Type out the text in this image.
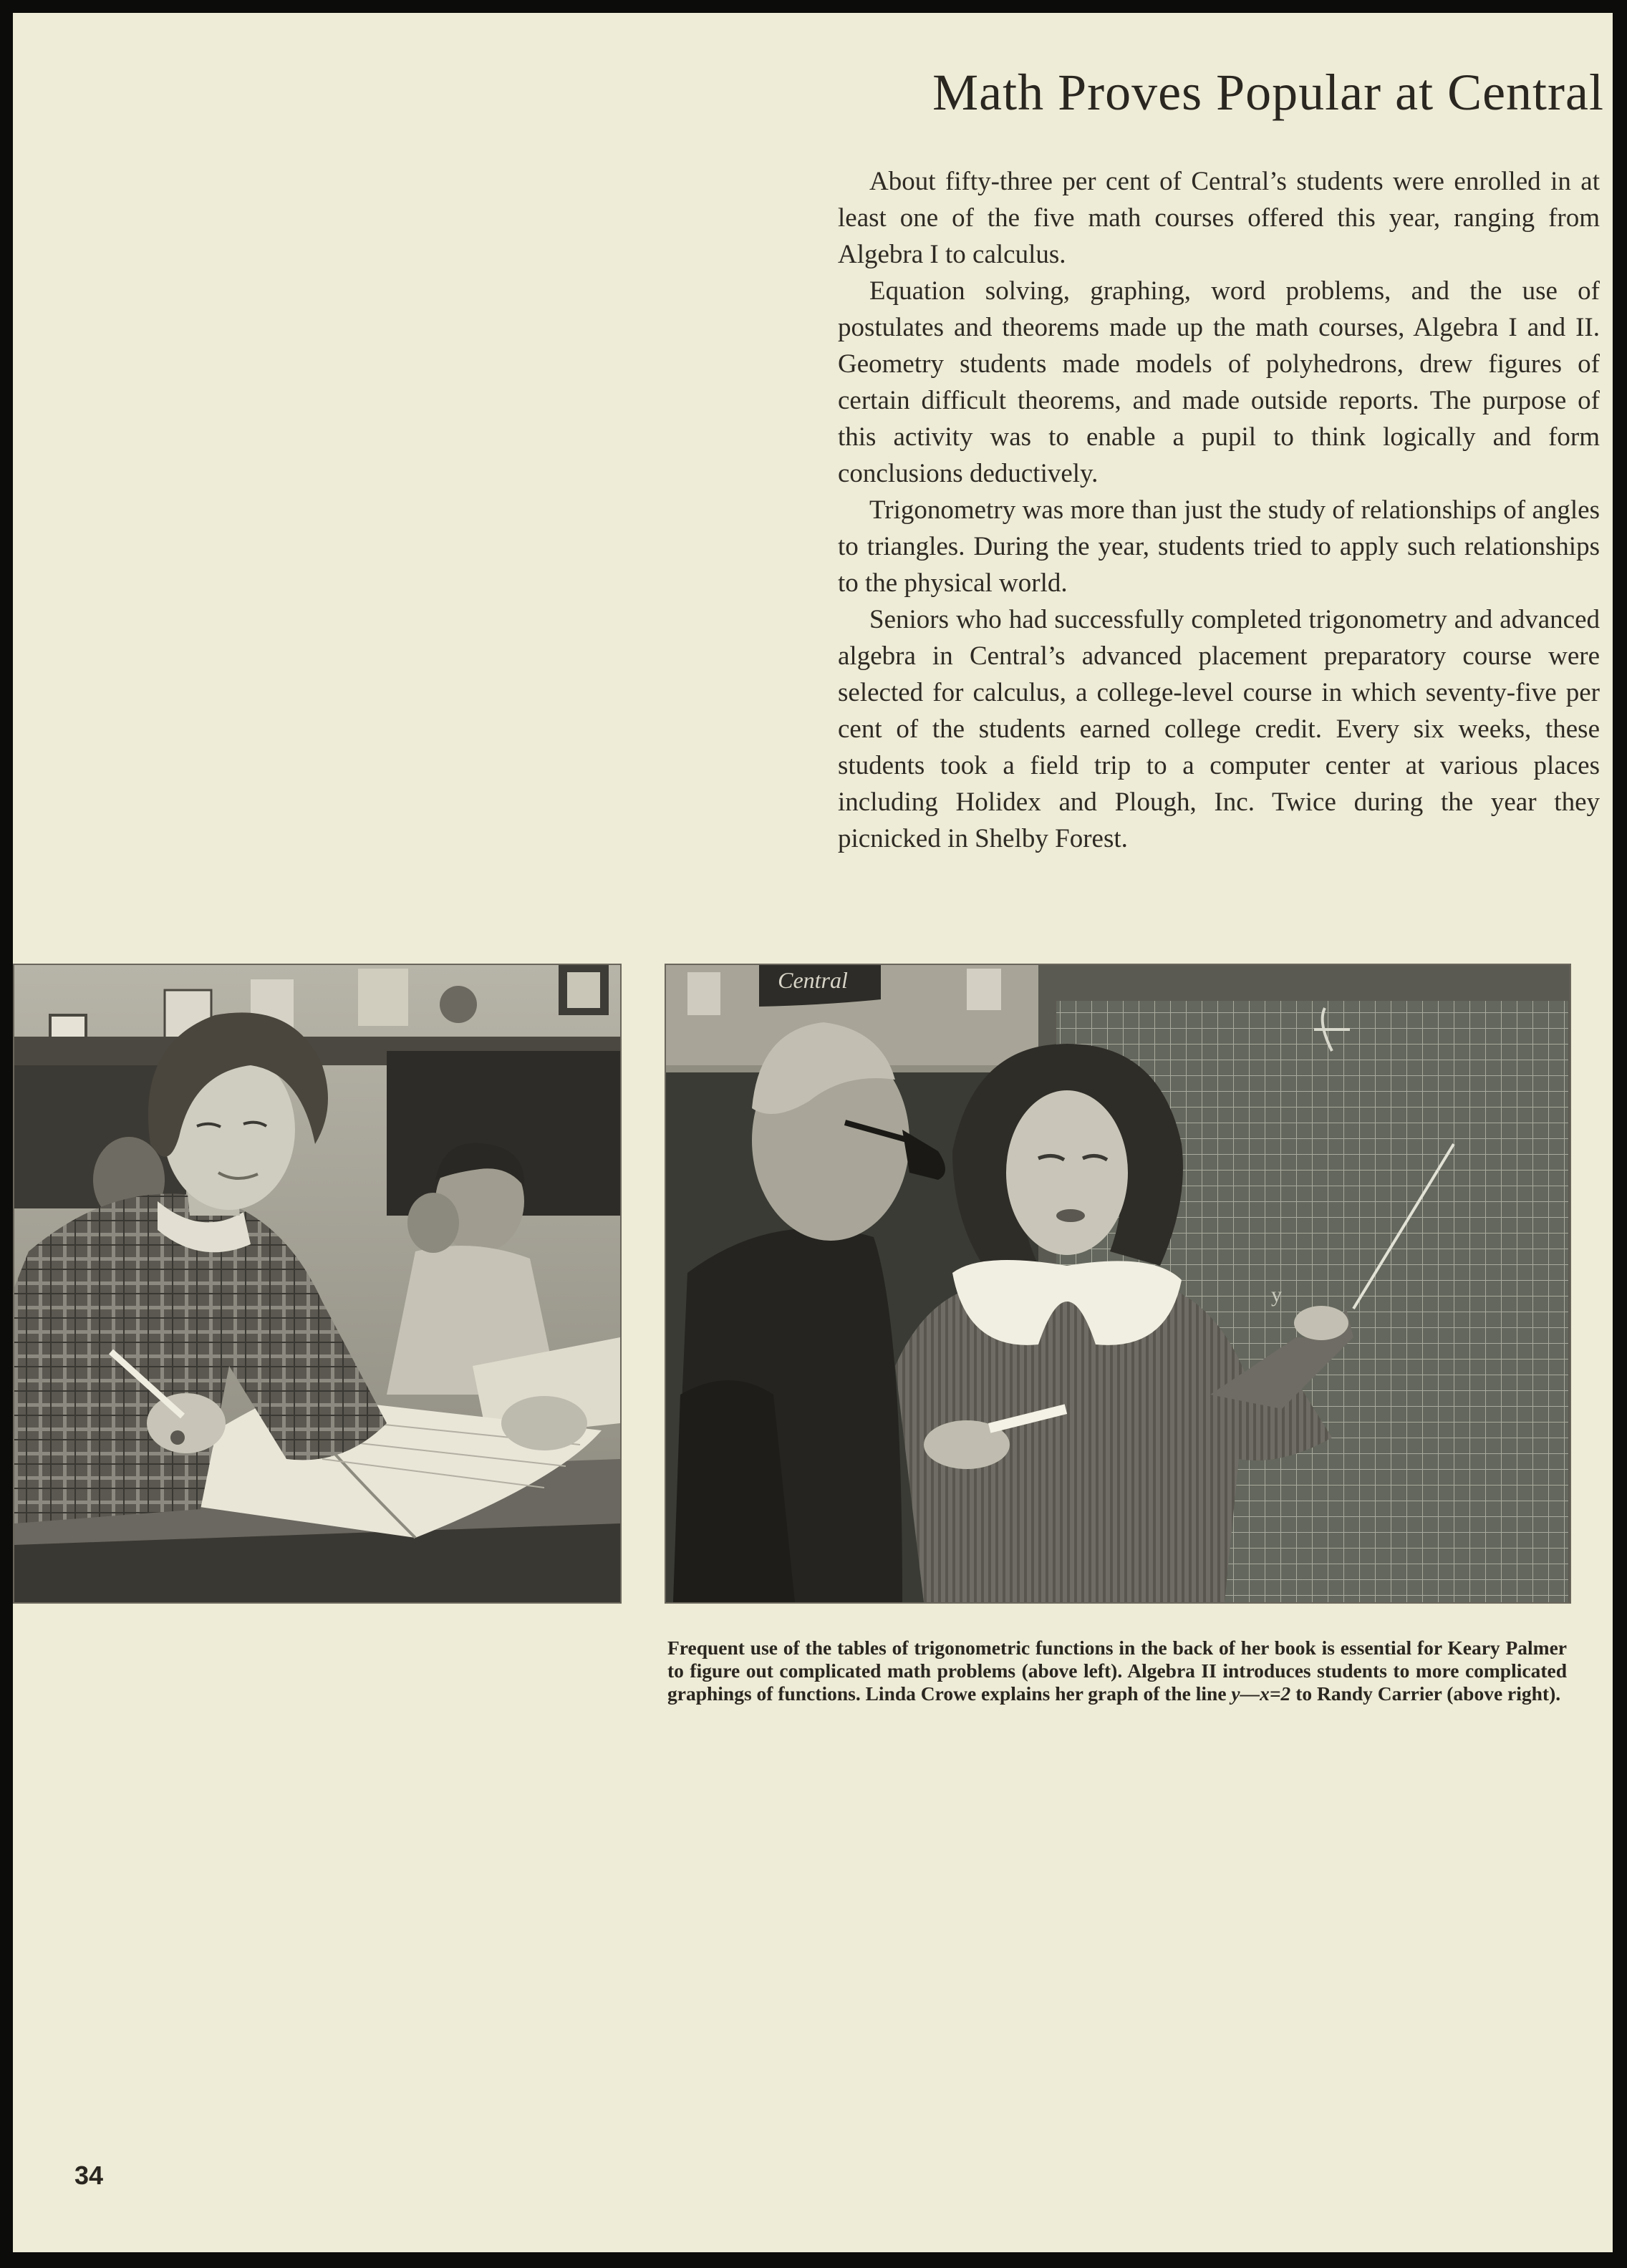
Math Proves Popular at Central

About fifty-three per cent of Central’s students were enrolled in at least one of the five math courses offered this year, ranging from Algebra I to calculus.

Equation solving, graphing, word problems, and the use of postulates and theorems made up the math courses, Algebra I and II. Geometry students made models of polyhedrons, drew figures of certain difficult theorems, and made outside reports. The purpose of this activity was to enable a pupil to think logically and form conclusions deductively.

Trigonometry was more than just the study of relationships of angles to triangles. During the year, students tried to apply such relationships to the physical world.

Seniors who had successfully completed trigonometry and advanced algebra in Central’s advanced placement preparatory course were selected for calculus, a college-level course in which seventy-five per cent of the students earned college credit. Every six weeks, these students took a field trip to a computer center at various places including Holidex and Plough, Inc. Twice during the year they picnicked in Shelby Forest.

Central
y

Frequent use of the tables of trigonometric functions in the back of her book is essential for Keary Palmer to figure out complicated math problems (above left). Algebra II introduces students to more complicated graphings of functions. Linda Crowe explains her graph of the line y—x=2 to Randy Carrier (above right).

34
